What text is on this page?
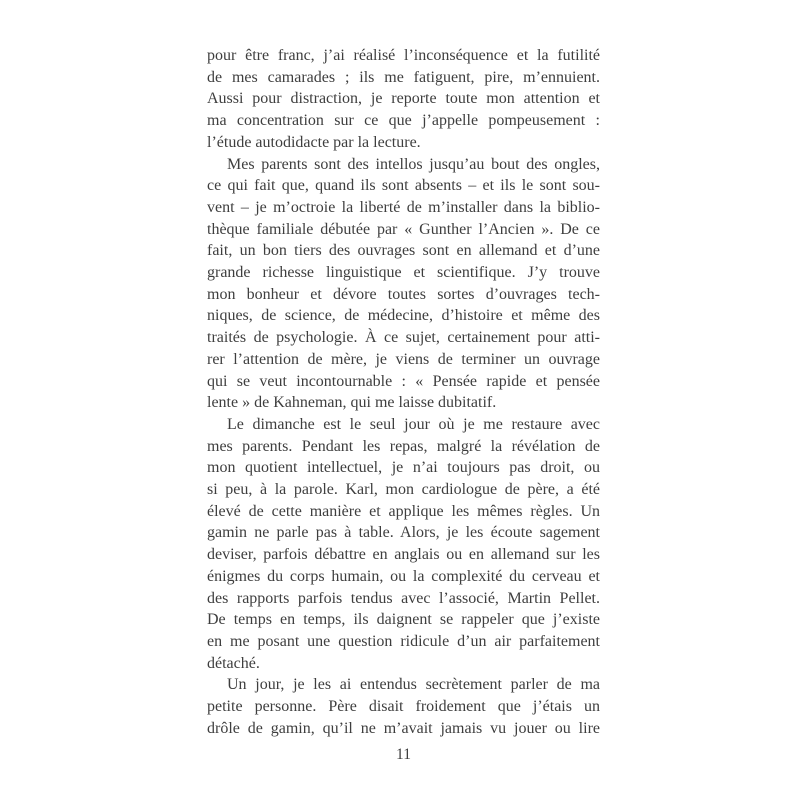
pour être franc, j’ai réalisé l’inconséquence et la futilité
de mes camarades ; ils me fatiguent, pire, m’ennuient.
Aussi pour distraction, je reporte toute mon attention et
ma concentration sur ce que j’appelle pompeusement :
l’étude autodidacte par la lecture.
Mes parents sont des intellos jusqu’au bout des ongles,
ce qui fait que, quand ils sont absents – et ils le sont sou-
vent – je m’octroie la liberté de m’installer dans la biblio-
thèque familiale débutée par « Gunther l’Ancien ». De ce
fait, un bon tiers des ouvrages sont en allemand et d’une
grande richesse linguistique et scientifique. J’y trouve
mon bonheur et dévore toutes sortes d’ouvrages tech-
niques, de science, de médecine, d’histoire et même des
traités de psychologie. À ce sujet, certainement pour atti-
rer l’attention de mère, je viens de terminer un ouvrage
qui se veut incontournable : « Pensée rapide et pensée
lente » de Kahneman, qui me laisse dubitatif.
Le dimanche est le seul jour où je me restaure avec
mes parents. Pendant les repas, malgré la révélation de
mon quotient intellectuel, je n’ai toujours pas droit, ou
si peu, à la parole. Karl, mon cardiologue de père, a été
élevé de cette manière et applique les mêmes règles. Un
gamin ne parle pas à table. Alors, je les écoute sagement
deviser, parfois débattre en anglais ou en allemand sur les
énigmes du corps humain, ou la complexité du cerveau et
des rapports parfois tendus avec l’associé, Martin Pellet.
De temps en temps, ils daignent se rappeler que j’existe
en me posant une question ridicule d’un air parfaitement
détaché.
Un jour, je les ai entendus secrètement parler de ma
petite personne. Père disait froidement que j’étais un
drôle de gamin, qu’il ne m’avait jamais vu jouer ou lire
11
